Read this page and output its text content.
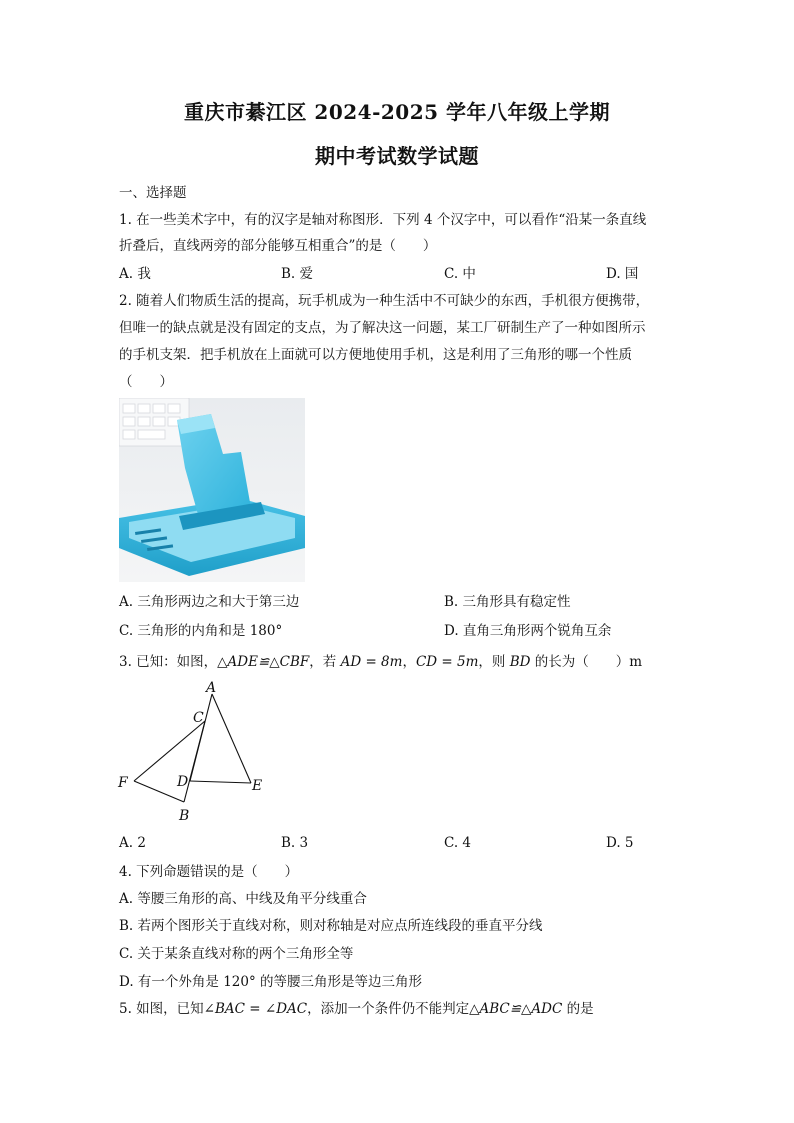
重庆市綦江区 2024-2025 学年八年级上学期
期中考试数学试题
一、选择题
1. 在一些美术字中，有的汉字是轴对称图形．下列 4 个汉字中，可以看作“沿某一条直线
折叠后，直线两旁的部分能够互相重合”的是（　　）
A. 我	B. 爱	C. 中	D. 国
2. 随着人们物质生活的提高，玩手机成为一种生活中不可缺少的东西，手机很方便携带，
但唯一的缺点就是没有固定的支点，为了解决这一问题，某工厂研制生产了一种如图所示
的手机支架．把手机放在上面就可以方便地使用手机，这是利用了三角形的哪一个性质
（　　）
A. 三角形两边之和大于第三边	B. 三角形具有稳定性
C. 三角形的内角和是 180°	D. 直角三角形两个锐角互余
3. 已知：如图，△ADE≌△CBF，若 AD = 8m，CD = 5m，则 BD 的长为（　　）m
A
C
F	D	E
B
A. 2	B. 3	C. 4	D. 5
4. 下列命题错误的是（　　）
A. 等腰三角形的高、中线及角平分线重合
B. 若两个图形关于直线对称，则对称轴是对应点所连线段的垂直平分线
C. 关于某条直线对称的两个三角形全等
D. 有一个外角是 120° 的等腰三角形是等边三角形
5. 如图，已知∠BAC = ∠DAC，添加一个条件仍不能判定△ABC≌△ADC 的是
